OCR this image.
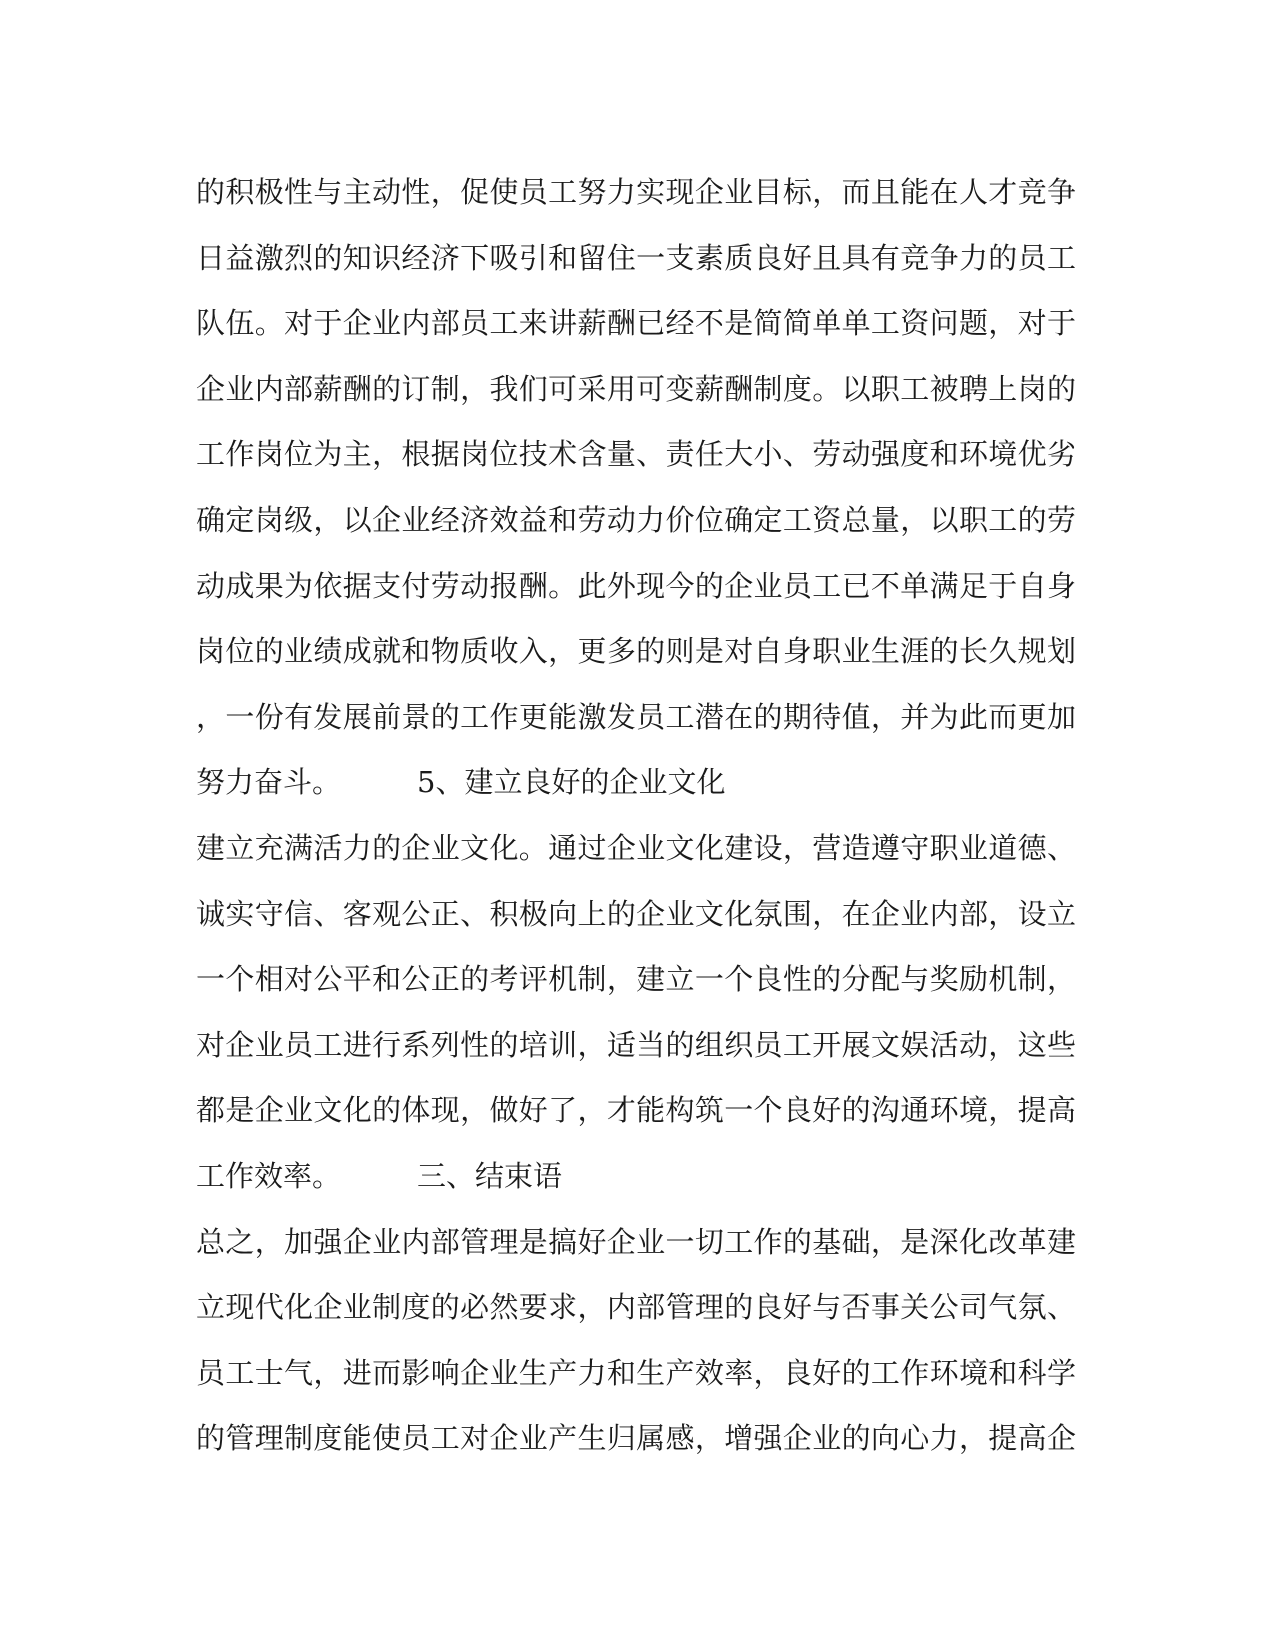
的积极性与主动性，促使员工努力实现企业目标，而且能在人才竞争
日益激烈的知识经济下吸引和留住一支素质良好且具有竞争力的员工
队伍。对于企业内部员工来讲薪酬已经不是简简单单工资问题，对于
企业内部薪酬的订制，我们可采用可变薪酬制度。以职工被聘上岗的
工作岗位为主，根据岗位技术含量、责任大小、劳动强度和环境优劣
确定岗级，以企业经济效益和劳动力价位确定工资总量，以职工的劳
动成果为依据支付劳动报酬。此外现今的企业员工已不单满足于自身
岗位的业绩成就和物质收入，更多的则是对自身职业生涯的长久规划
，一份有发展前景的工作更能激发员工潜在的期待值，并为此而更加
努力奋斗。	5、建立良好的企业文化
建立充满活力的企业文化。通过企业文化建设，营造遵守职业道德、
诚实守信、客观公正、积极向上的企业文化氛围，在企业内部，设立
一个相对公平和公正的考评机制，建立一个良性的分配与奖励机制，
对企业员工进行系列性的培训，适当的组织员工开展文娱活动，这些
都是企业文化的体现，做好了，才能构筑一个良好的沟通环境，提高
工作效率。	三、结束语
总之，加强企业内部管理是搞好企业一切工作的基础，是深化改革建
立现代化企业制度的必然要求，内部管理的良好与否事关公司气氛、
员工士气，进而影响企业生产力和生产效率，良好的工作环境和科学
的管理制度能使员工对企业产生归属感，增强企业的向心力，提高企
